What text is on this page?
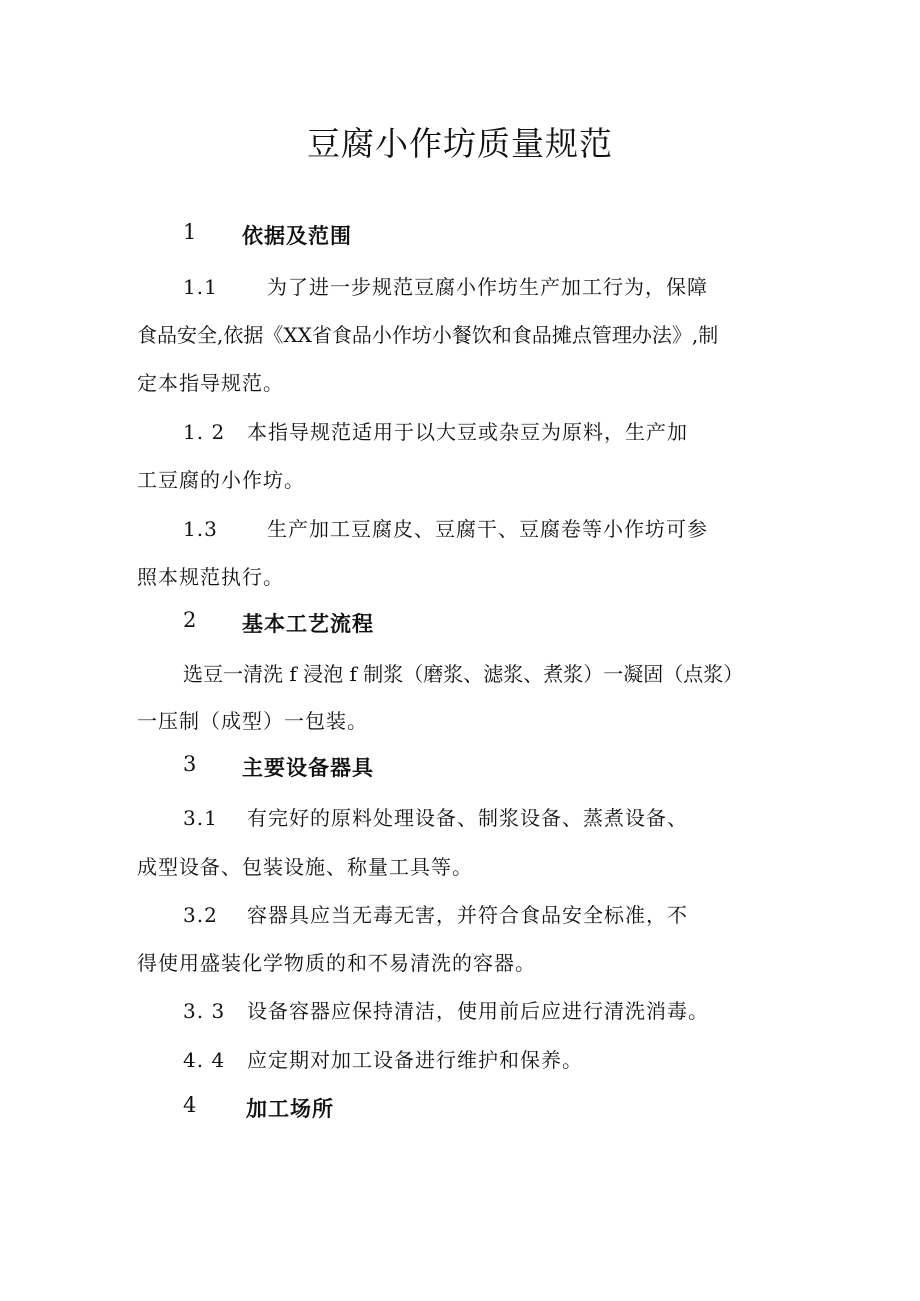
豆腐小作坊质量规范
1 依据及范围
1.1 为了进一步规范豆腐小作坊生产加工行为，保障
食品安全,依据《XX省食品小作坊小餐饮和食品摊点管理办法》,制
定本指导规范。
1. 2 本指导规范适用于以大豆或杂豆为原料，生产加
工豆腐的小作坊。
1.3 生产加工豆腐皮、豆腐干、豆腐卷等小作坊可参
照本规范执行。
2 基本工艺流程
选豆一清洗 f 浸泡 f 制浆（磨浆、滤浆、煮浆）一凝固（点浆）
一压制（成型）一包装。
3 主要设备器具
3.1 有完好的原料处理设备、制浆设备、蒸煮设备、
成型设备、包装设施、称量工具等。
3.2 容器具应当无毒无害，并符合食品安全标准，不
得使用盛装化学物质的和不易清洗的容器。
3. 3 设备容器应保持清洁，使用前后应进行清洗消毒。
4. 4 应定期对加工设备进行维护和保养。
4 加工场所
